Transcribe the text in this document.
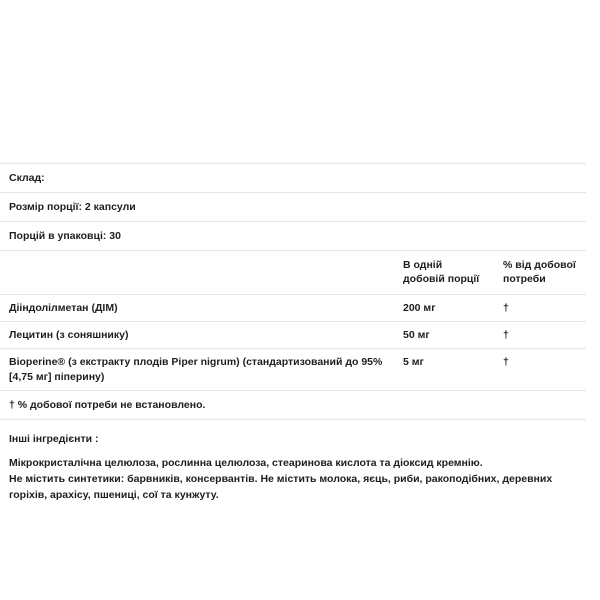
Склад:		
Розмір порції: 2 капсули		
Порцій в упаковці: 30		
	В одній добовій порції	% від добової потреби
Дііндолілметан (ДІМ)	200 мг	†
Лецитин (з соняшнику)	50 мг	†
Bioperine® (з екстракту плодів Piper nigrum) (стандартизований до 95% [4,75 мг] піперину)	5 мг	†
† % добової потреби не встановлено.		
Інші інгредієнти :

Мікрокристалічна целюлоза, рослинна целюлоза, стеаринова кислота та діоксид кремнію.

Не містить синтетики: барвників, консервантів. Не містить молока, яєць, риби, ракоподібних, деревних горіхів, арахісу, пшениці, сої та кунжуту.
